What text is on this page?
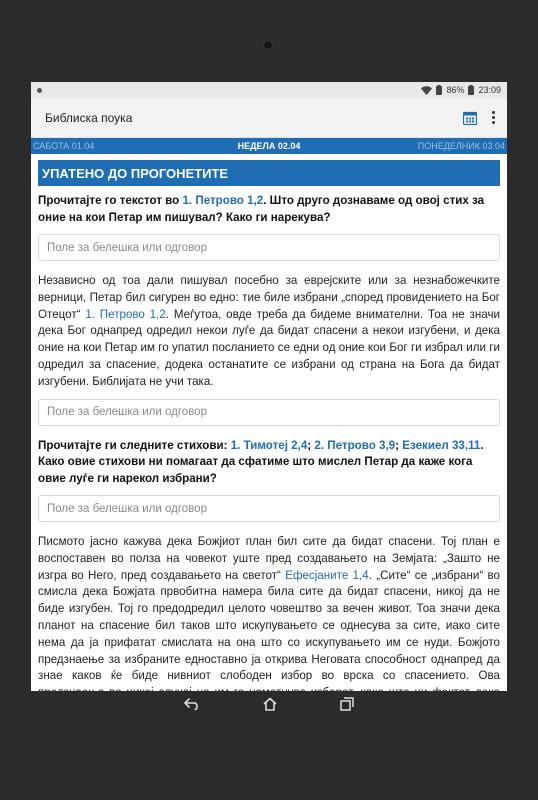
86% 23:09
Библиска поука
САБОТА 01.04	НЕДЕЛА 02.04	ПОНЕДЕЛНИК 03.04
УПАТЕНО ДО ПРОГОНЕТИТЕ
Прочитајте го текстот во 1. Петрово 1,2. Што друго дознаваме од овој стих за оние на кои Петар им пишувал? Како ги нарекува?
Поле за белешка или одговор
Независно од тоа дали пишувал посебно за евреjските или за незнабожечките верници, Петар бил сигурен во едно: тие биле избрани „според провидението на Бог Отецот“ 1. Петрово 1,2. Меѓутоа, овде треба да бидеме внимателни. Тоа не значи дека Бог однапред одредил некои луѓе да бидат спасени а некои изгубени, и дека оние на кои Петар им го упатил посланието се едни од оние кои Бог ги избрал или ги одредил за спасение, додека останатите се избрани од страна на Бога да бидат изгубени. Библијата не учи така.
Поле за белешка или одговор
Прочитајте ги следните стихови: 1. Тимотеј 2,4; 2. Петрово 3,9; Езекиел 33,11. Како овие стихови ни помагаат да сфатиме што мислел Петар да каже кога овие луѓе ги нарекол избрани?
Поле за белешка или одговор
Писмото јасно кажува дека Божјиот план бил сите да бидат спасени. Тој план е воспоставен во полза на човекот уште пред создавањето на Земјата: „Зашто не изгра во Него, пред создавањето на светот“ Ефесјаните 1,4. „Сите“ се „избрани“ во смисла дека Божјата првобитна намера била сите да бидат спасени, никој да не биде изгубен. Тој го предодредил целото човештво за вечен живот. Тоа значи дека планот на спасение бил таков што искупувањето се однесува за сите, иако сите нема да ја прифатат смислата на она што со искупувањето им се нуди. Божјото предзнаење за избраните едноставно ја открива Неговата способност однапред да знае каков ќе биде нивниот слободен избор во врска со спасението. Ова
